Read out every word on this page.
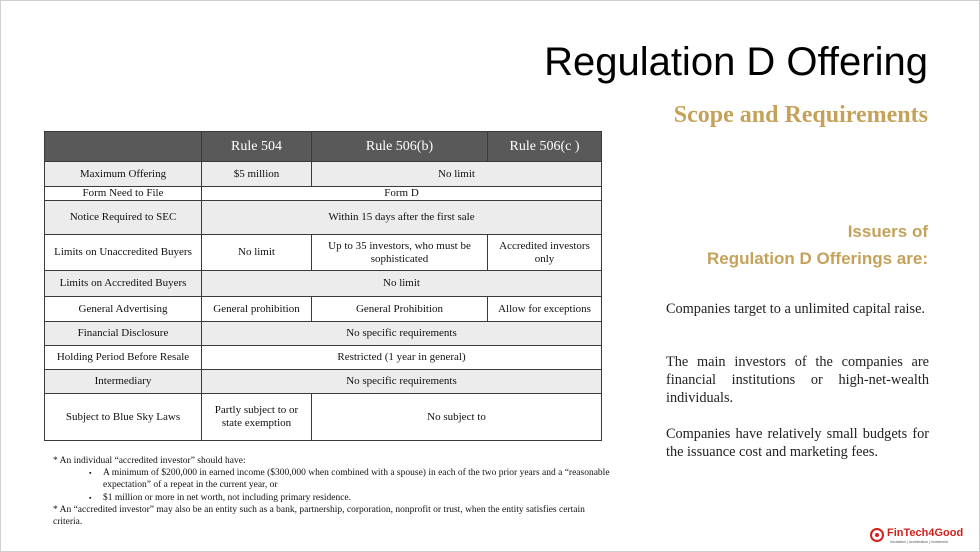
Regulation D Offering
Scope and Requirements
	Rule 504	Rule 506(b)	Rule 506(c )
Maximum Offering	$5 million	No limit	
Form Need to File	Form D		
Notice Required to SEC	Within 15 days after the first sale		
Limits on Unaccredited Buyers	No limit	Up to 35 investors, who must be sophisticated	Accredited investors only
Limits on Accredited Buyers	No limit		
General Advertising	General prohibition	General Prohibition	Allow for exceptions
Financial Disclosure	No specific requirements		
Holding Period Before Resale	Restricted (1 year in general)		
Intermediary	No specific requirements		
Subject to Blue Sky Laws	Partly subject to or state exemption	No subject to	
* An individual “accredited investor” should have:
▪	A minimum of $200,000 in earned income ($300,000 when combined with a spouse) in each of the two prior years and a “reasonable expectation” of a repeat in the current year, or
▪	$1 million or more in net worth, not including primary residence.
* An “accredited investor” may also be an entity such as a bank, partnership, corporation, nonprofit or trust, when the entity satisfies certain criteria.
Issuers of
Regulation D Offerings are:
Companies target to a unlimited capital raise.
The main investors of the companies are financial institutions or high-net-wealth individuals.
Companies have relatively small budgets for the issuance cost and marketing fees.
FinTech4Good
Incubation | Acceleration | Investment
